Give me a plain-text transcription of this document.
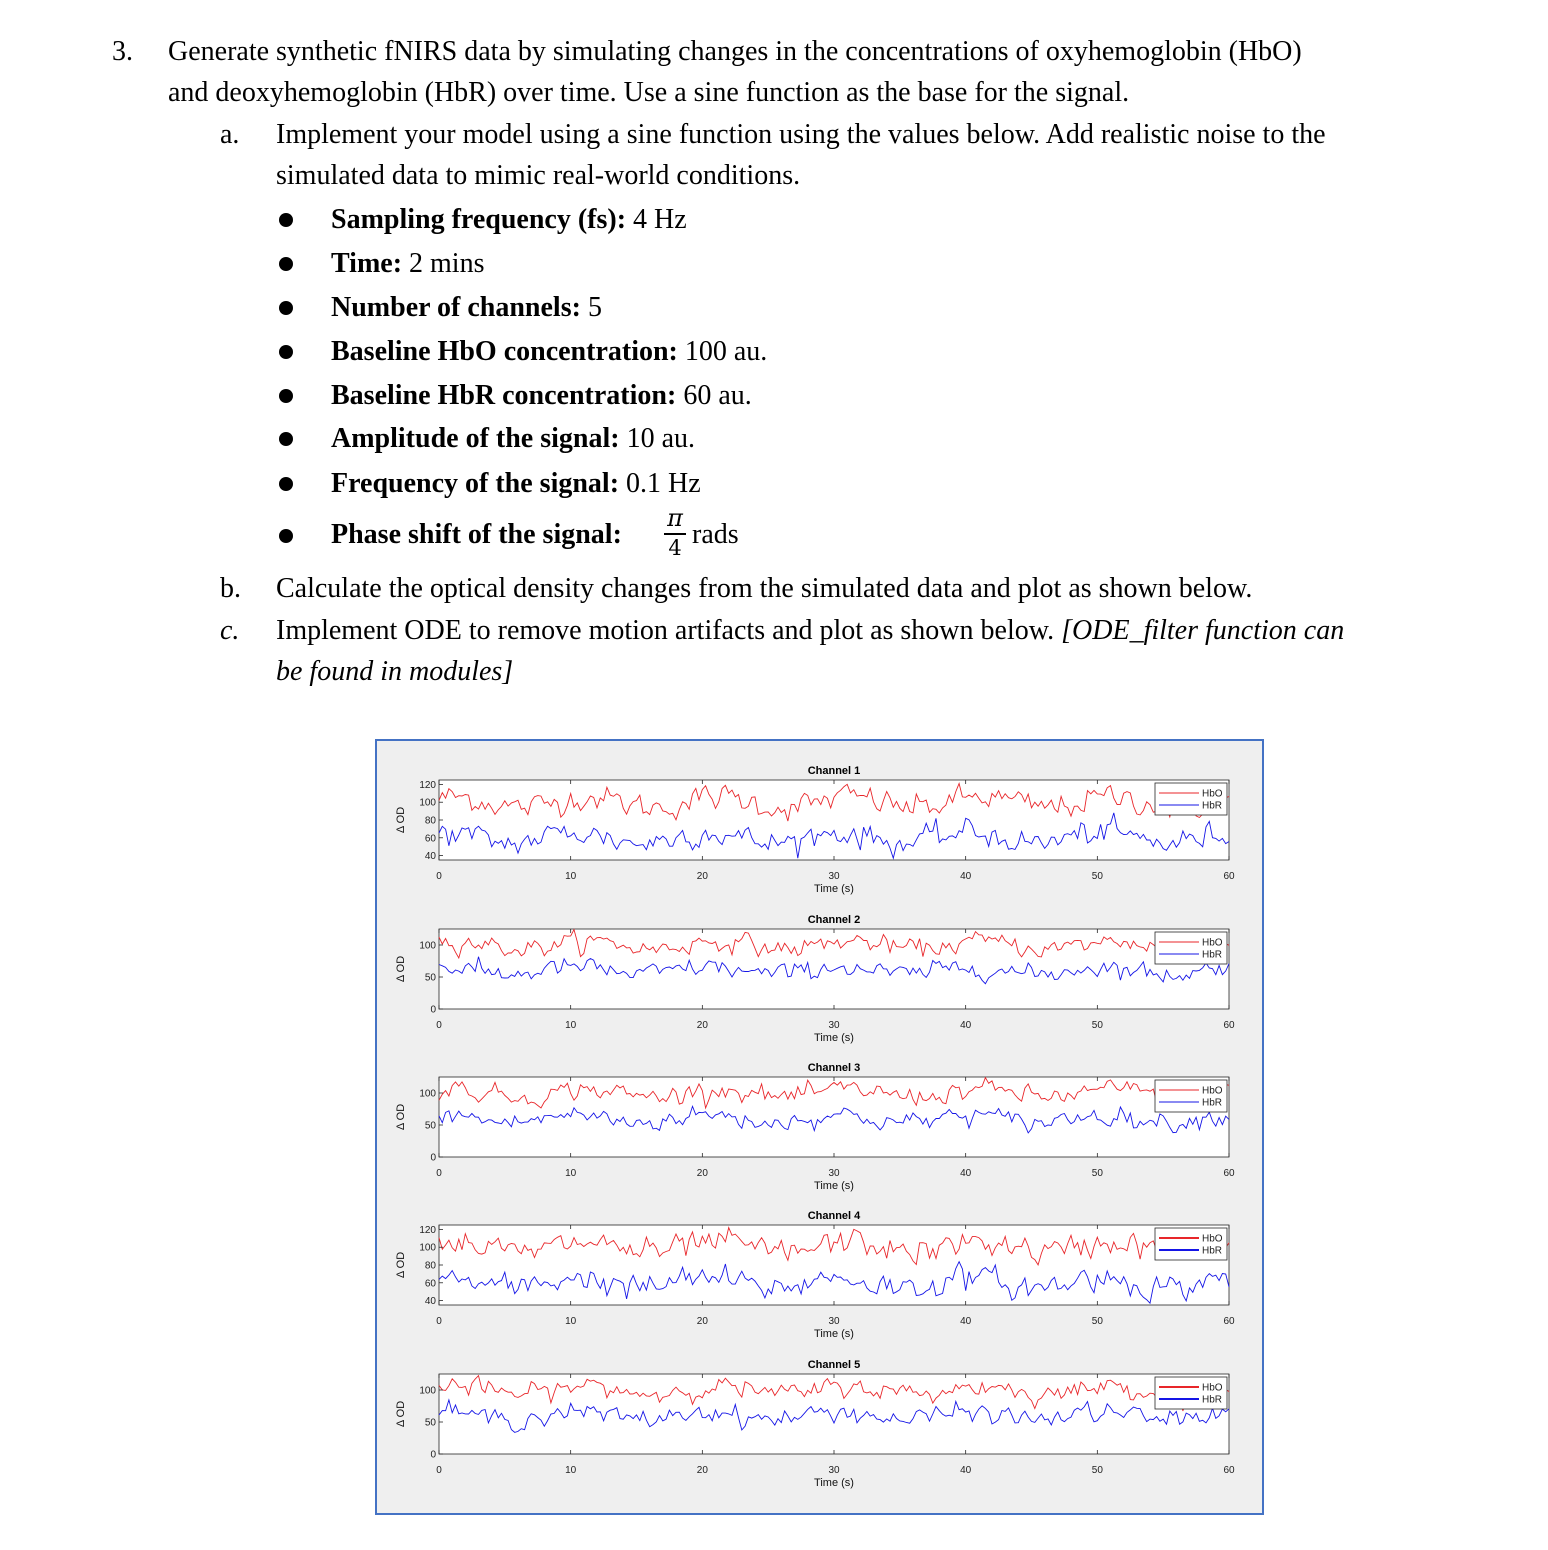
3. Generate synthetic fNIRS data by simulating changes in the concentrations of oxyhemoglobin (HbO)
and deoxyhemoglobin (HbR) over time. Use a sine function as the base for the signal.
a. Implement your model using a sine function using the values below. Add realistic noise to the
simulated data to mimic real-world conditions.
Sampling frequency (fs): 4 Hz
Time: 2 mins
Number of channels: 5
Baseline HbO concentration: 100 au.
Baseline HbR concentration: 60 au.
Amplitude of the signal: 10 au.
Frequency of the signal: 0.1 Hz
Phase shift of the signal:
π
4 rads
b. Calculate the optical density changes from the simulated data and plot as shown below.
c. Implement ODE to remove motion artifacts and plot as shown below. [ODE_filter function can
be found in modules]
Channel 1
0	10	20	30	40	50	60
120
100
80
60
40
Δ OD
Time (s)
HbO
HbR
Channel 2
0	10	20	30	40	50	60
100
50
0
Δ OD
Time (s)
HbO
HbR
Channel 3
0	10	20	30	40	50	60
100
50
0
Δ OD
Time (s)
HbO
HbR
Channel 4
0	10	20	30	40	50	60
120
100
80
60
40
Δ OD
Time (s)
HbO
HbR
Channel 5
0	10	20	30	40	50	60
100
50
0
Δ OD
Time (s)
HbO
HbR
